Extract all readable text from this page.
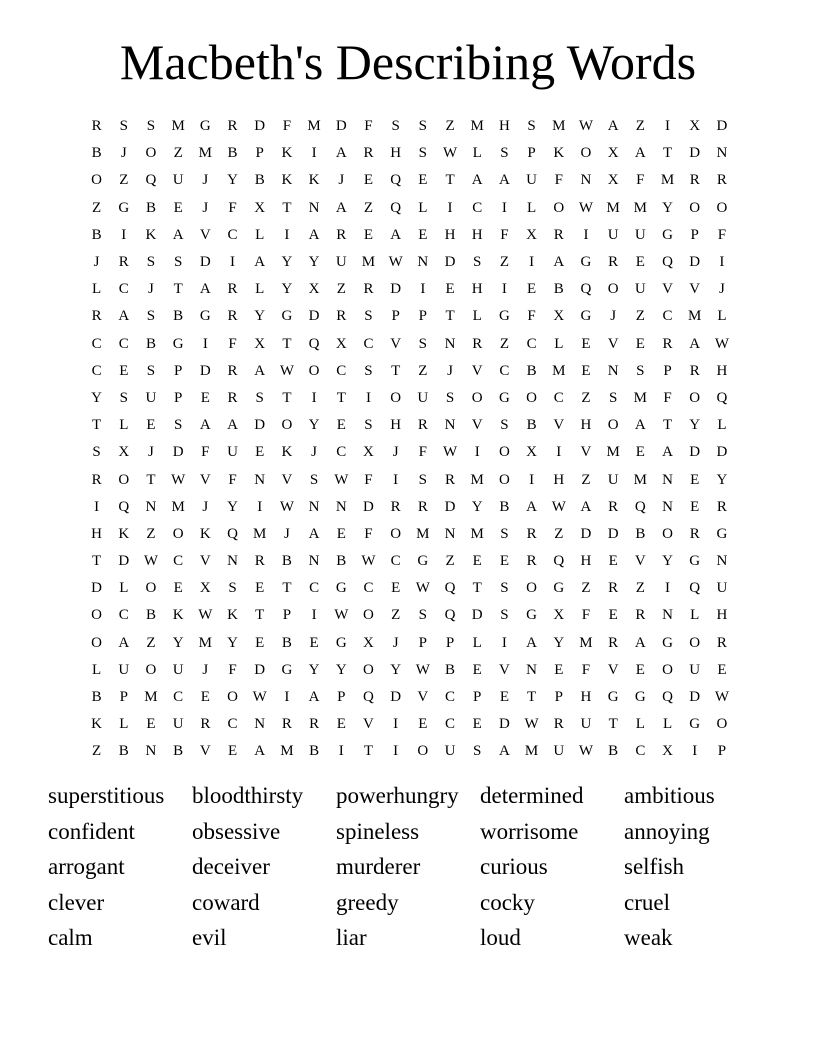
Macbeth's Describing Words
R	S	S	M	G	R	D	F	M	D	F	S	S	Z	M	H	S	M W A	Z	I	X	D
B	J	O	Z	M	B	P	K	I	A	R	H	S	W	L	S	P	K	O	X	A	T	D	N
O	Z	Q	U	J	Y	B	K	K	J	E	Q	E	T	A	A	U	F	N	X	F	M	R	R
Z	G	B	E	J	F	X	T	N	A	Z	Q	L	I	C	I	L	O W M M	Y	O	O
B	I	K	A	V	C	L	I	A	R	E	A	E	H	H	F	X	R	I	U	U	G	P	F
J	R	S	S	D	I	A	Y	Y	U	M W N	D	S	Z	I	A	G	R	E	Q	D	I
L	C	J	T	A	R	L	Y	X	Z	R	D	I	E	H	I	E	B	Q	O	U	V	V	J
R	A	S	B	G	R	Y	G	D	R	S	P	P	T	L	G	F	X	G	J	Z	C	M	L
C	C	B	G	I	F	X	T	Q	X	C	V	S	N	R	Z	C	L	E	V	E	R	A W
C	E	S	P	D	R	A W O	C	S	T	Z	J	V	C	B	M	E	N	S	P	R	H
Y	S	U	P	E	R	S	T	I	T	I	O	U	S	O	G	O	C	Z	S	M	F	O	Q
T	L	E	S	A	A	D	O	Y	E	S	H	R	N	V	S	B	V	H	O	A	T	Y	L
S	X	J	D	F	U	E	K	J	C	X	J	F	W	I	O	X	I	V	M	E	A	D	D
R	O	T	W V	F	N	V	S	W	F	I	S	R	M	O	I	H	Z	U	M	N	E	Y
I	Q	N	M	J	Y	I	W N	N	D	R	R	D	Y	B	A W A	R	Q	N	E	R
H	K	Z	O	K	Q	M	J	A	E	F	O	M	N	M	S	R	Z	D	D	B	O	R	G
T	D W	C	V	N	R	B	N	B	W	C	G	Z	E	E	R	Q	H	E	V	Y	G	N
D	L	O	E	X	S	E	T	C	G	C	E	W Q	T	S	O	G	Z	R	Z	I	Q	U
O	C	B	K W K	T	P	I	W O	Z	S	Q	D	S	G	X	F	E	R	N	L	H
O	A	Z	Y	M	Y	E	B	E	G	X	J	P	P	L	I	A	Y	M	R	A	G	O	R
L	U	O	U	J	F	D	G	Y	Y	O	Y W	B	E	V	N	E	F	V	E	O	U	E
B	P	M	C	E	O W	I	A	P	Q	D	V	C	P	E	T	P	H	G	G	Q	D W
K	L	E	U	R	C	N	R	R	E	V	I	E	C	E	D W	R	U	T	L	L	G	O
Z	B	N	B	V	E	A	M	B	I	T	I	O	U	S	A	M	U W	B	C	X	I	P
superstitious	bloodthirsty	powerhungry determined	ambitious
confident	obsessive	spineless	worrisome	annoying
arrogant	deceiver	murderer	curious	selfish
clever	coward	greedy	cocky	cruel
calm	evil	liar	loud	weak
